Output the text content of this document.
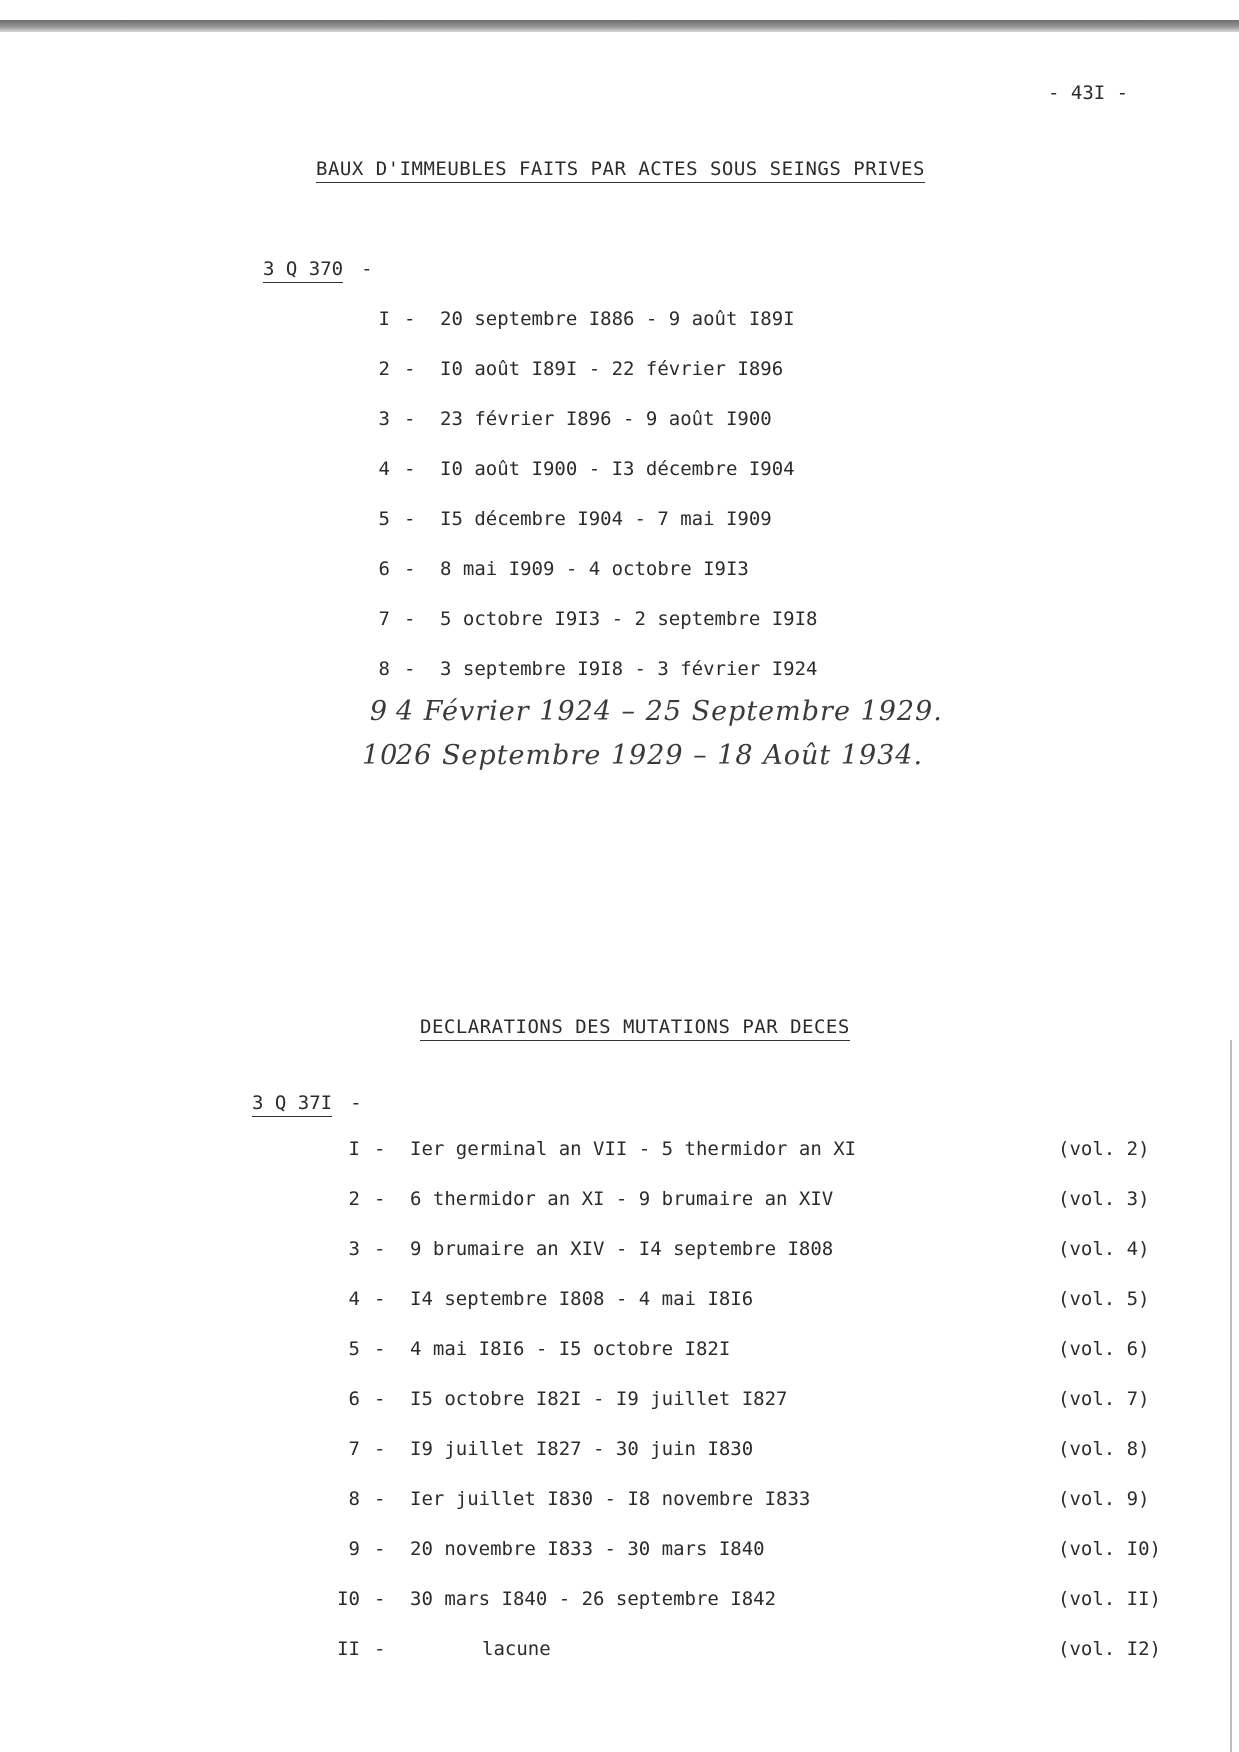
- 43I -
BAUX D'IMMEUBLES FAITS PAR ACTES SOUS SEINGS PRIVES
3 Q 370 -
I - 20 septembre I886 - 9 août I89I
2 - I0 août I89I - 22 février I896
3 - 23 février I896 - 9 août I900
4 - I0 août I900 - I3 décembre I904
5 - I5 décembre I904 - 7 mai I909
6 - 8 mai I909 - 4 octobre I9I3
7 - 5 octobre I9I3 - 2 septembre I9I8
8 - 3 septembre I9I8 - 3 février I924
9 4 Février 1924 – 25 Septembre 1929.
1026 Septembre 1929 – 18 Août 1934.
DECLARATIONS DES MUTATIONS PAR DECES
3 Q 37I -
I - Ier germinal an VII - 5 thermidor an XI	(vol. 2)
2 - 6 thermidor an XI - 9 brumaire an XIV	(vol. 3)
3 - 9 brumaire an XIV - I4 septembre I808	(vol. 4)
4 - I4 septembre I808 - 4 mai I8I6	(vol. 5)
5 - 4 mai I8I6 - I5 octobre I82I	(vol. 6)
6 - I5 octobre I82I - I9 juillet I827	(vol. 7)
7 - I9 juillet I827 - 30 juin I830	(vol. 8)
8 - Ier juillet I830 - I8 novembre I833	(vol. 9)
9 - 20 novembre I833 - 30 mars I840	(vol. I0)
I0 - 30 mars I840 - 26 septembre I842	(vol. II)
II -	lacune	(vol. I2)
